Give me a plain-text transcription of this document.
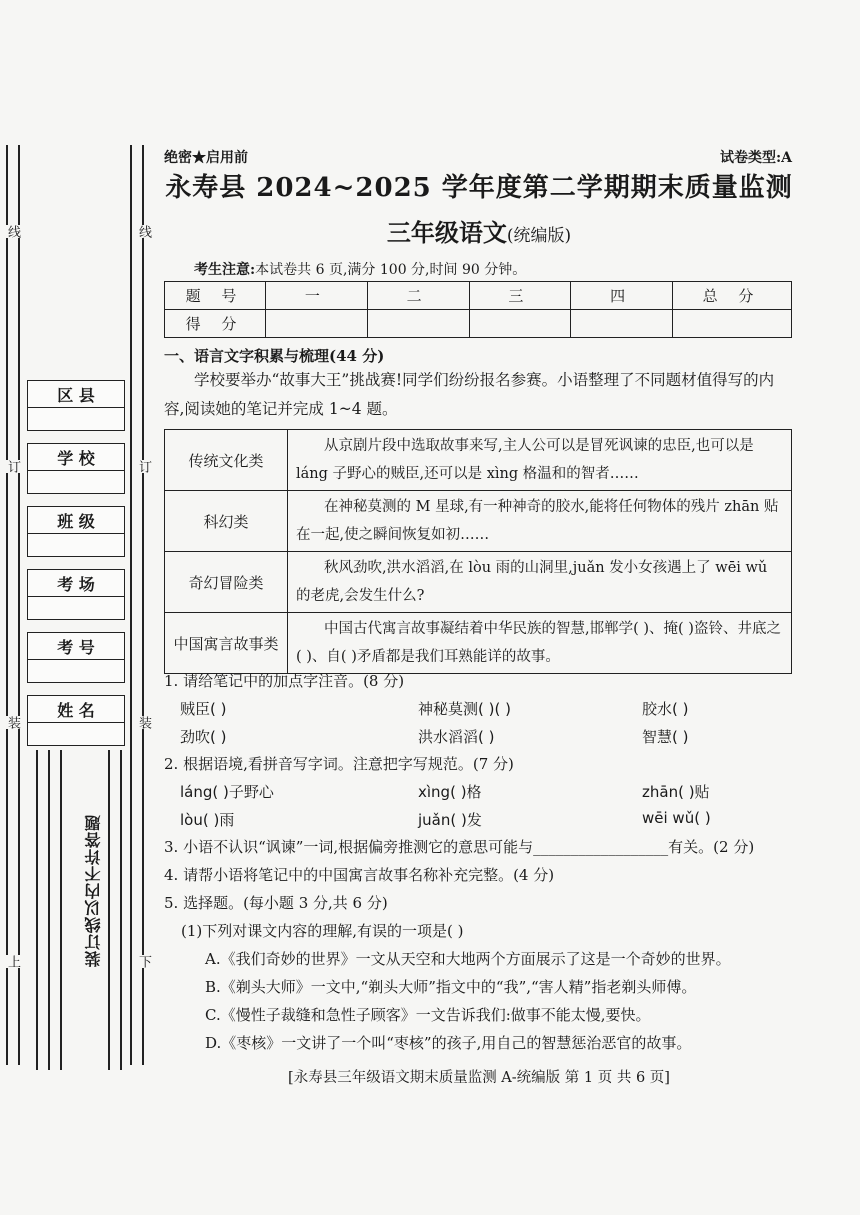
线
订
装
上
线
订
装
下
区 县
学 校
班 级
考 场
考 号
姓 名
装订线以内不许答题
绝密★启用前	试卷类型:A
永寿县 2024~2025 学年度第二学期期末质量监测
三年级语文(统编版)
考生注意:本试卷共 6 页,满分 100 分,时间 90 分钟。
题 号	一	二	三	四	总 分
得 分					
一、语言文字积累与梳理(44 分)
学校要举办“故事大王”挑战赛!同学们纷纷报名参赛。小语整理了不同题材值得写的内容,阅读她的笔记并完成 1~4 题。
传统文化类	从京剧片段中选取故事来写,主人公可以是冒死讽谏的忠臣,也可以是 láng 子野心的贼臣,还可以是 xìng 格温和的智者……
科幻类	在神秘莫测的 M 星球,有一种神奇的胶水,能将任何物体的残片 zhān 贴在一起,使之瞬间恢复如初……
奇幻冒险类	秋风劲吹,洪水滔滔,在 lòu 雨的山洞里,juǎn 发小女孩遇上了 wēi wǔ 的老虎,会发生什么?
中国寓言故事类	中国古代寓言故事凝结着中华民族的智慧,邯郸学( )、掩( )盗铃、井底之( )、自( )矛盾都是我们耳熟能详的故事。
1. 请给笔记中的加点字注音。(8 分)
贼臣( )	神秘莫测( )( )	胶水( )
劲吹( )	洪水滔滔( )	智慧( )
2. 根据语境,看拼音写字词。注意把字写规范。(7 分)
láng( )子野心	xìng( )格	zhān( )贴
lòu( )雨	juǎn( )发	wēi wǔ( )
3. 小语不认识“讽谏”一词,根据偏旁推测它的意思可能与__________________有关。(2 分)
4. 请帮小语将笔记中的中国寓言故事名称补充完整。(4 分)
5. 选择题。(每小题 3 分,共 6 分)
(1)下列对课文内容的理解,有误的一项是( )
A.《我们奇妙的世界》一文从天空和大地两个方面展示了这是一个奇妙的世界。
B.《剃头大师》一文中,“剃头大师”指文中的“我”,“害人精”指老剃头师傅。
C.《慢性子裁缝和急性子顾客》一文告诉我们:做事不能太慢,要快。
D.《枣核》一文讲了一个叫“枣核”的孩子,用自己的智慧惩治恶官的故事。
[永寿县三年级语文期末质量监测 A-统编版 第 1 页 共 6 页]
